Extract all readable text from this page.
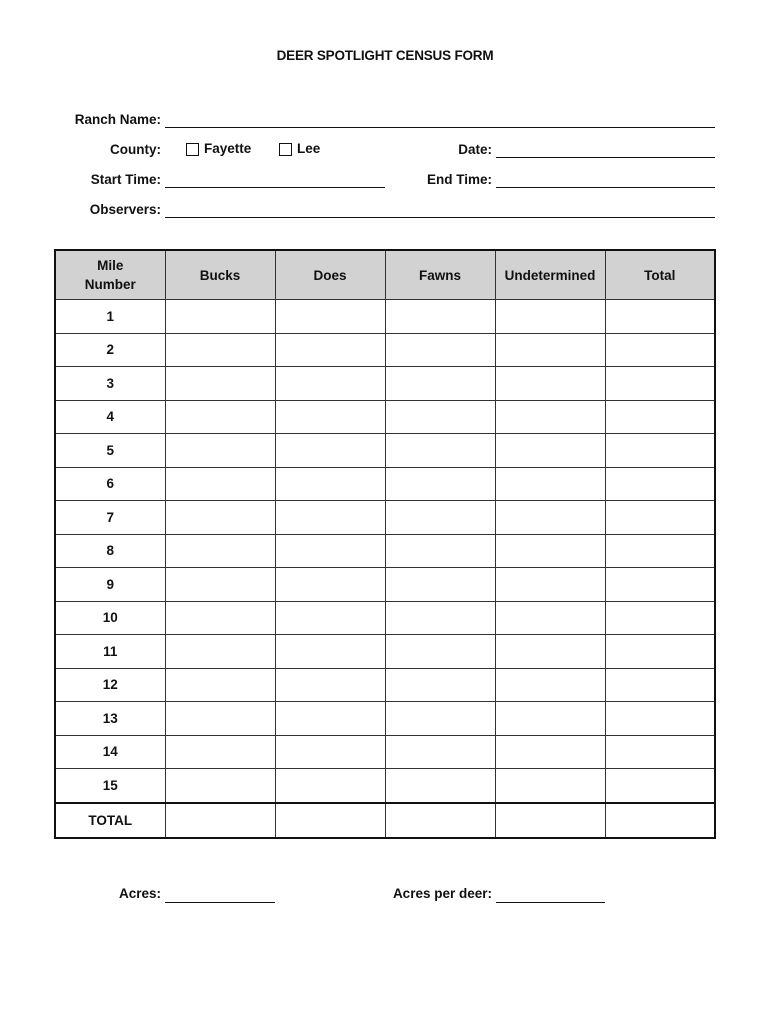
DEER SPOTLIGHT CENSUS FORM
Ranch Name:
County:	Fayette	Lee	Date:
Start Time:	End Time:
Observers:
Mile
Number	Bucks	Does	Fawns	Undetermined	Total
1					
2					
3					
4					
5					
6					
7					
8					
9					
10					
11					
12					
13					
14					
15					
TOTAL					
Acres:	Acres per deer:
